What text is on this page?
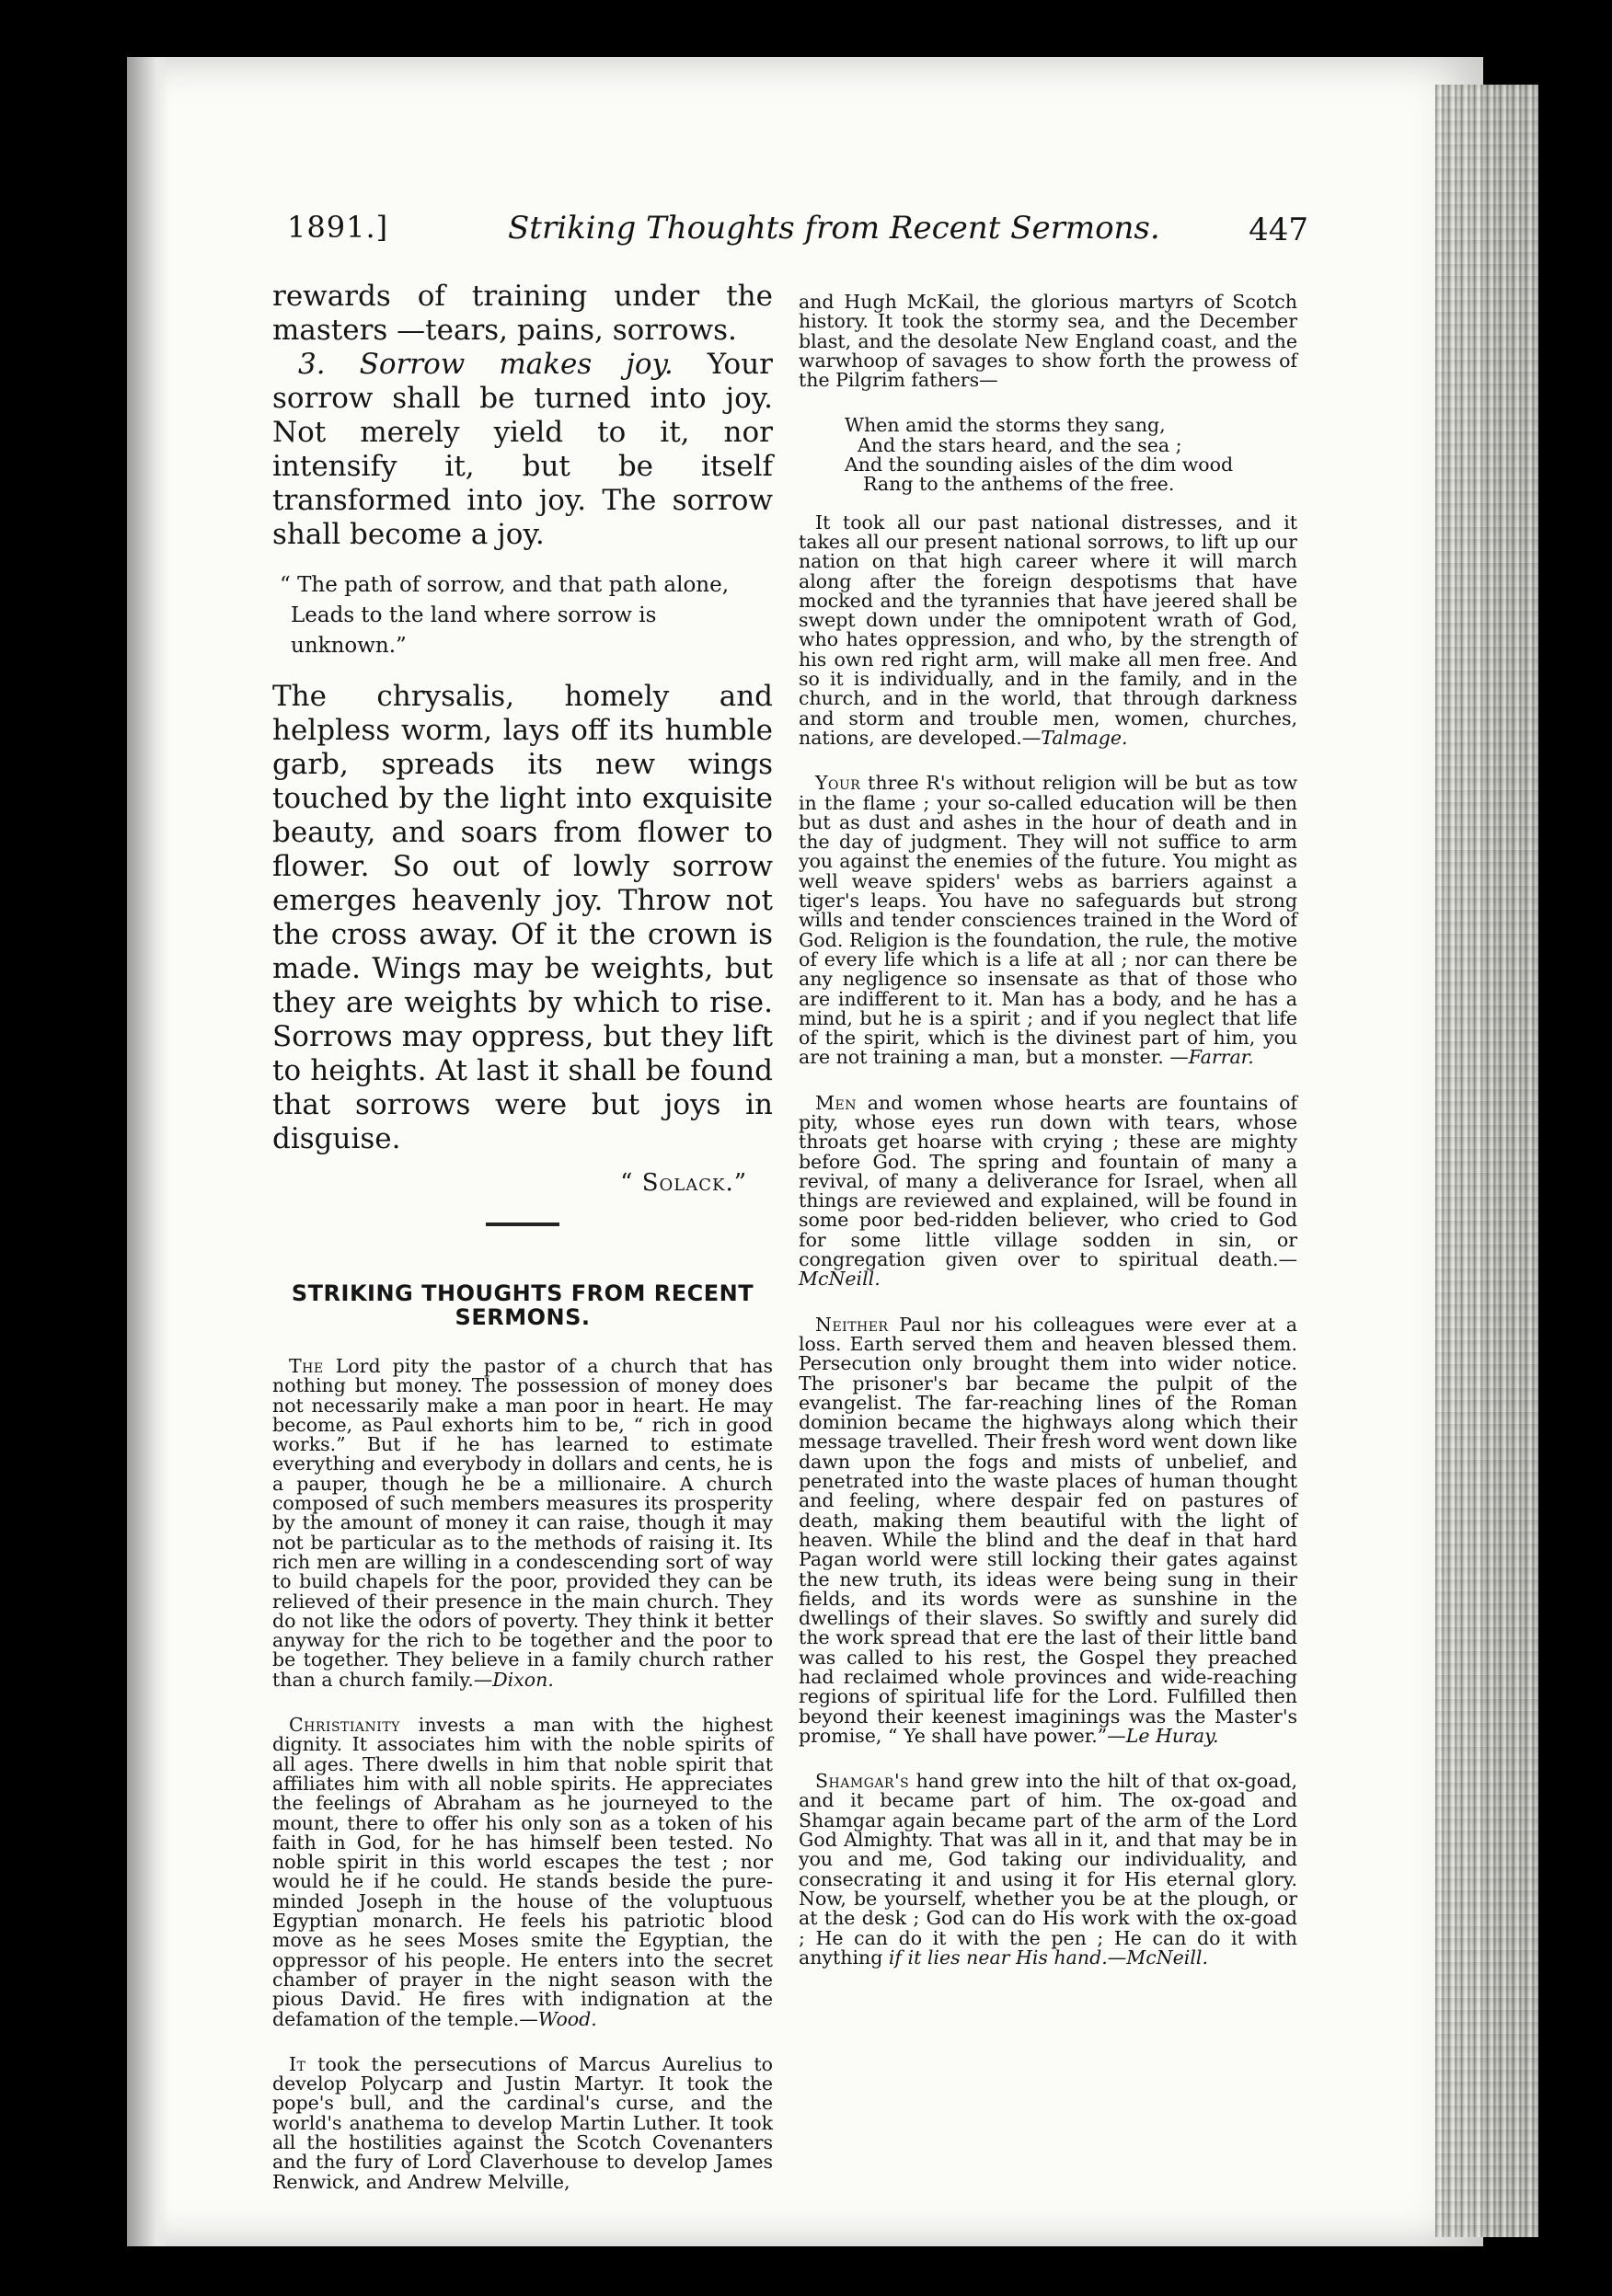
1891.]	Striking Thoughts from Recent Sermons.	447

rewards of training under the masters —tears, pains, sorrows.

3. Sorrow makes joy. Your sorrow shall be turned into joy. Not merely yield to it, nor intensify it, but be itself transformed into joy. The sorrow shall become a joy.

“ The path of sorrow, and that path alone,
Leads to the land where sorrow is unknown.”

The chrysalis, homely and helpless worm, lays off its humble garb, spreads its new wings touched by the light into exquisite beauty, and soars from flower to flower. So out of lowly sorrow emerges heavenly joy. Throw not the cross away. Of it the crown is made. Wings may be weights, but they are weights by which to rise. Sorrows may oppress, but they lift to heights. At last it shall be found that sorrows were but joys in disguise.

“ Solack.”
STRIKING THOUGHTS FROM RECENT SERMONS.

The Lord pity the pastor of a church that has nothing but money. The possession of money does not necessarily make a man poor in heart. He may become, as Paul exhorts him to be, “ rich in good works.” But if he has learned to estimate everything and everybody in dollars and cents, he is a pauper, though he be a millionaire. A church composed of such members measures its prosperity by the amount of money it can raise, though it may not be particular as to the methods of raising it. Its rich men are willing in a condescending sort of way to build chapels for the poor, provided they can be relieved of their presence in the main church. They do not like the odors of poverty. They think it better anyway for the rich to be together and the poor to be together. They believe in a family church rather than a church family.—Dixon.

Christianity invests a man with the highest dignity. It associates him with the noble spirits of all ages. There dwells in him that noble spirit that affiliates him with all noble spirits. He appreciates the feelings of Abraham as he journeyed to the mount, there to offer his only son as a token of his faith in God, for he has himself been tested. No noble spirit in this world escapes the test ; nor would he if he could. He stands beside the pure-minded Joseph in the house of the voluptuous Egyptian monarch. He feels his patriotic blood move as he sees Moses smite the Egyptian, the oppressor of his people. He enters into the secret chamber of prayer in the night season with the pious David. He fires with indignation at the defamation of the temple.—Wood.

It took the persecutions of Marcus Aurelius to develop Polycarp and Justin Martyr. It took the pope's bull, and the cardinal's curse, and the world's anathema to develop Martin Luther. It took all the hostilities against the Scotch Covenanters and the fury of Lord Claverhouse to develop James Renwick, and Andrew Melville,

and Hugh McKail, the glorious martyrs of Scotch history. It took the stormy sea, and the December blast, and the desolate New England coast, and the warwhoop of savages to show forth the prowess of the Pilgrim fathers—

When amid the storms they sang,
And the stars heard, and the sea ;
And the sounding aisles of the dim wood
Rang to the anthems of the free.

It took all our past national distresses, and it takes all our present national sorrows, to lift up our nation on that high career where it will march along after the foreign despotisms that have mocked and the tyrannies that have jeered shall be swept down under the omnipotent wrath of God, who hates oppression, and who, by the strength of his own red right arm, will make all men free. And so it is individually, and in the family, and in the church, and in the world, that through darkness and storm and trouble men, women, churches, nations, are developed.—Talmage.

Your three R's without religion will be but as tow in the flame ; your so-called education will be then but as dust and ashes in the hour of death and in the day of judgment. They will not suffice to arm you against the enemies of the future. You might as well weave spiders' webs as barriers against a tiger's leaps. You have no safeguards but strong wills and tender consciences trained in the Word of God. Religion is the foundation, the rule, the motive of every life which is a life at all ; nor can there be any negligence so insensate as that of those who are indifferent to it. Man has a body, and he has a mind, but he is a spirit ; and if you neglect that life of the spirit, which is the divinest part of him, you are not training a man, but a monster. —Farrar.

Men and women whose hearts are fountains of pity, whose eyes run down with tears, whose throats get hoarse with crying ; these are mighty before God. The spring and fountain of many a revival, of many a deliverance for Israel, when all things are reviewed and explained, will be found in some poor bed-ridden believer, who cried to God for some little village sodden in sin, or congregation given over to spiritual death.—McNeill.

Neither Paul nor his colleagues were ever at a loss. Earth served them and heaven blessed them. Persecution only brought them into wider notice. The prisoner's bar became the pulpit of the evangelist. The far-reaching lines of the Roman dominion became the highways along which their message travelled. Their fresh word went down like dawn upon the fogs and mists of unbelief, and penetrated into the waste places of human thought and feeling, where despair fed on pastures of death, making them beautiful with the light of heaven. While the blind and the deaf in that hard Pagan world were still locking their gates against the new truth, its ideas were being sung in their fields, and its words were as sunshine in the dwellings of their slaves. So swiftly and surely did the work spread that ere the last of their little band was called to his rest, the Gospel they preached had reclaimed whole provinces and wide-reaching regions of spiritual life for the Lord. Fulfilled then beyond their keenest imaginings was the Master's promise, “ Ye shall have power.”—Le Huray.

Shamgar's hand grew into the hilt of that ox-goad, and it became part of him. The ox-goad and Shamgar again became part of the arm of the Lord God Almighty. That was all in it, and that may be in you and me, God taking our individuality, and consecrating it and using it for His eternal glory. Now, be yourself, whether you be at the plough, or at the desk ; God can do His work with the ox-goad ; He can do it with the pen ; He can do it with anything if it lies near His hand.—McNeill.
